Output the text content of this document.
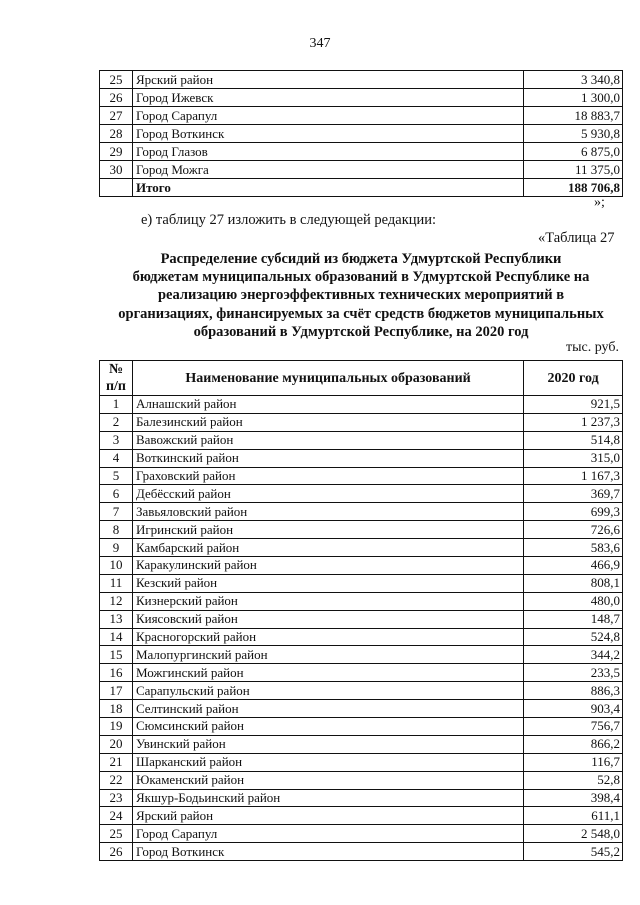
347
25	Ярский район	3 340,8
26	Город Ижевск	1 300,0
27	Город Сарапул	18 883,7
28	Город Воткинск	5 930,8
29	Город Глазов	6 875,0
30	Город Можга	11 375,0
	Итого	188 706,8
»;
е) таблицу 27 изложить в следующей редакции:
«Таблица 27
Распределение субсидий из бюджета Удмуртской Республики
бюджетам муниципальных образований в Удмуртской Республике на
реализацию энергоэффективных технических мероприятий в
организациях, финансируемых за счёт средств бюджетов муниципальных
образований в Удмуртской Республике, на 2020 год
тыс. руб.
№
п/п	Наименование муниципальных образований	2020 год
1	Алнашский район	921,5
2	Балезинский район	1 237,3
3	Вавожский район	514,8
4	Воткинский район	315,0
5	Граховский район	1 167,3
6	Дебёсский район	369,7
7	Завьяловский район	699,3
8	Игринский район	726,6
9	Камбарский район	583,6
10	Каракулинский район	466,9
11	Кезский район	808,1
12	Кизнерский район	480,0
13	Киясовский район	148,7
14	Красногорский район	524,8
15	Малопургинский район	344,2
16	Можгинский район	233,5
17	Сарапульский район	886,3
18	Селтинский район	903,4
19	Сюмсинский район	756,7
20	Увинский район	866,2
21	Шарканский район	116,7
22	Юкаменский район	52,8
23	Якшур-Бодьинский район	398,4
24	Ярский район	611,1
25	Город Сарапул	2 548,0
26	Город Воткинск	545,2
